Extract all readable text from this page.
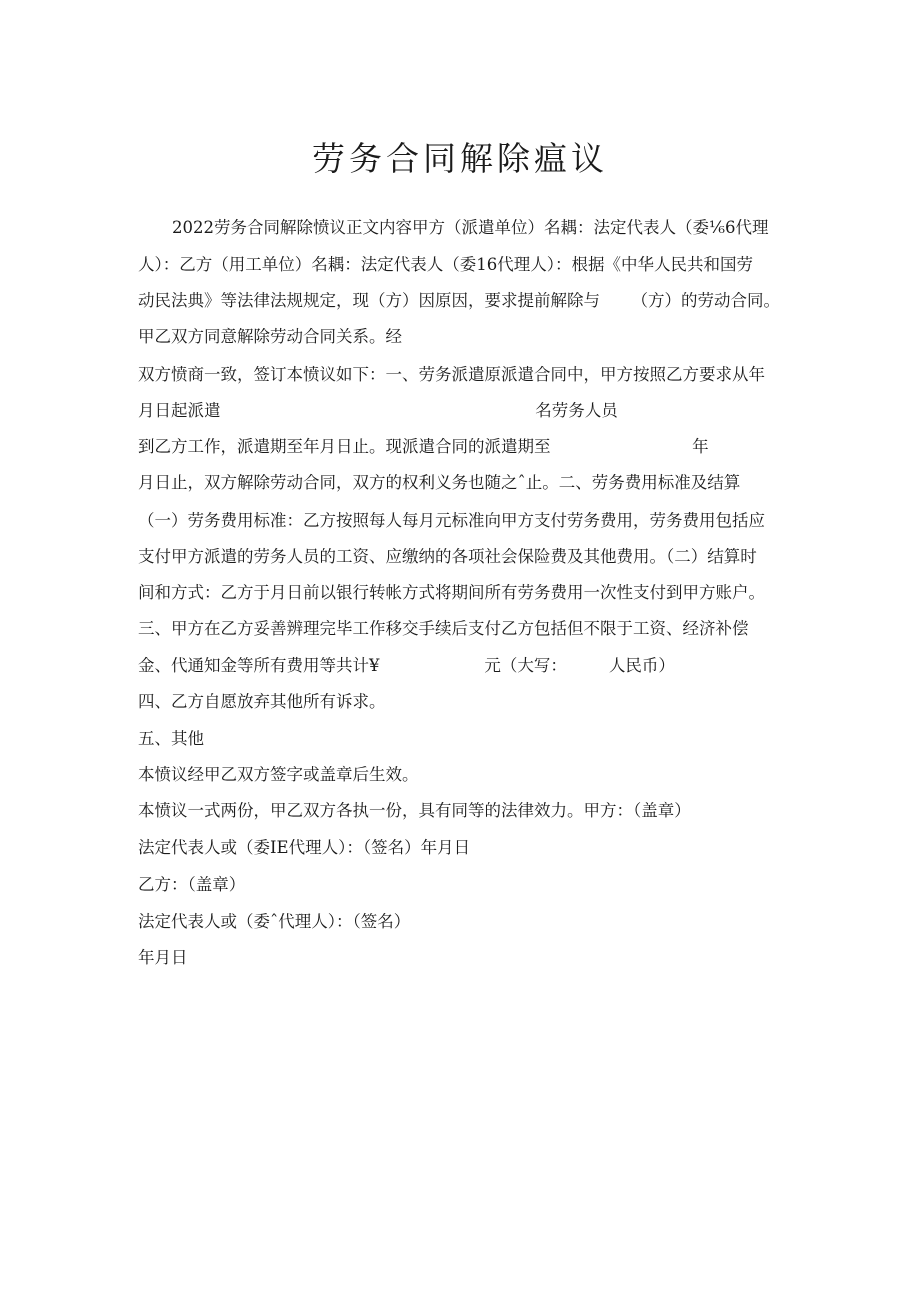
劳务合同解除瘟议
2022劳务合同解除愤议正文内容甲方（派遣单位）名耦：法定代表人（委⅙6代理
人）：乙方（用工单位）名耦：法定代表人（委16代理人）：根据《中华人民共和国劳
动民法典》等法律法规规定，现（方）因原因，要求提前解除与      （方）的劳动合同。
甲乙双方同意解除劳动合同关系。经
双方愤商一致，签订本愤议如下：一、劳务派遣原派遣合同中，甲方按照乙方要求从年
月日起派遣                                                            名劳务人员
到乙方工作，派遣期至年月日止。现派遣合同的派遣期至                           年
月日止，双方解除劳动合同，双方的权利义务也随之ˆ止。二、劳务费用标准及结算
（一）劳务费用标准：乙方按照每人每月元标准向甲方支付劳务费用，劳务费用包括应
支付甲方派遣的劳务人员的工资、应缴纳的各项社会保险费及其他费用。（二）结算时
间和方式：乙方于月日前以银行转帐方式将期间所有劳务费用一次性支付到甲方账户。
三、甲方在乙方妥善辨理完毕工作移交手续后支付乙方包括但不限于工资、经济补偿
金、代通知金等所有费用等共计¥                    元（大写：        人民币）
四、乙方自愿放弃其他所有诉求。
五、其他
本愤议经甲乙双方签字或盖章后生效。
本愤议一式两份，甲乙双方各执一份，具有同等的法律效力。甲方：（盖章）
法定代表人或（委IE代理人）：（签名）年月日
乙方：（盖章）
法定代表人或（委ˆ代理人）：（签名）
年月日
